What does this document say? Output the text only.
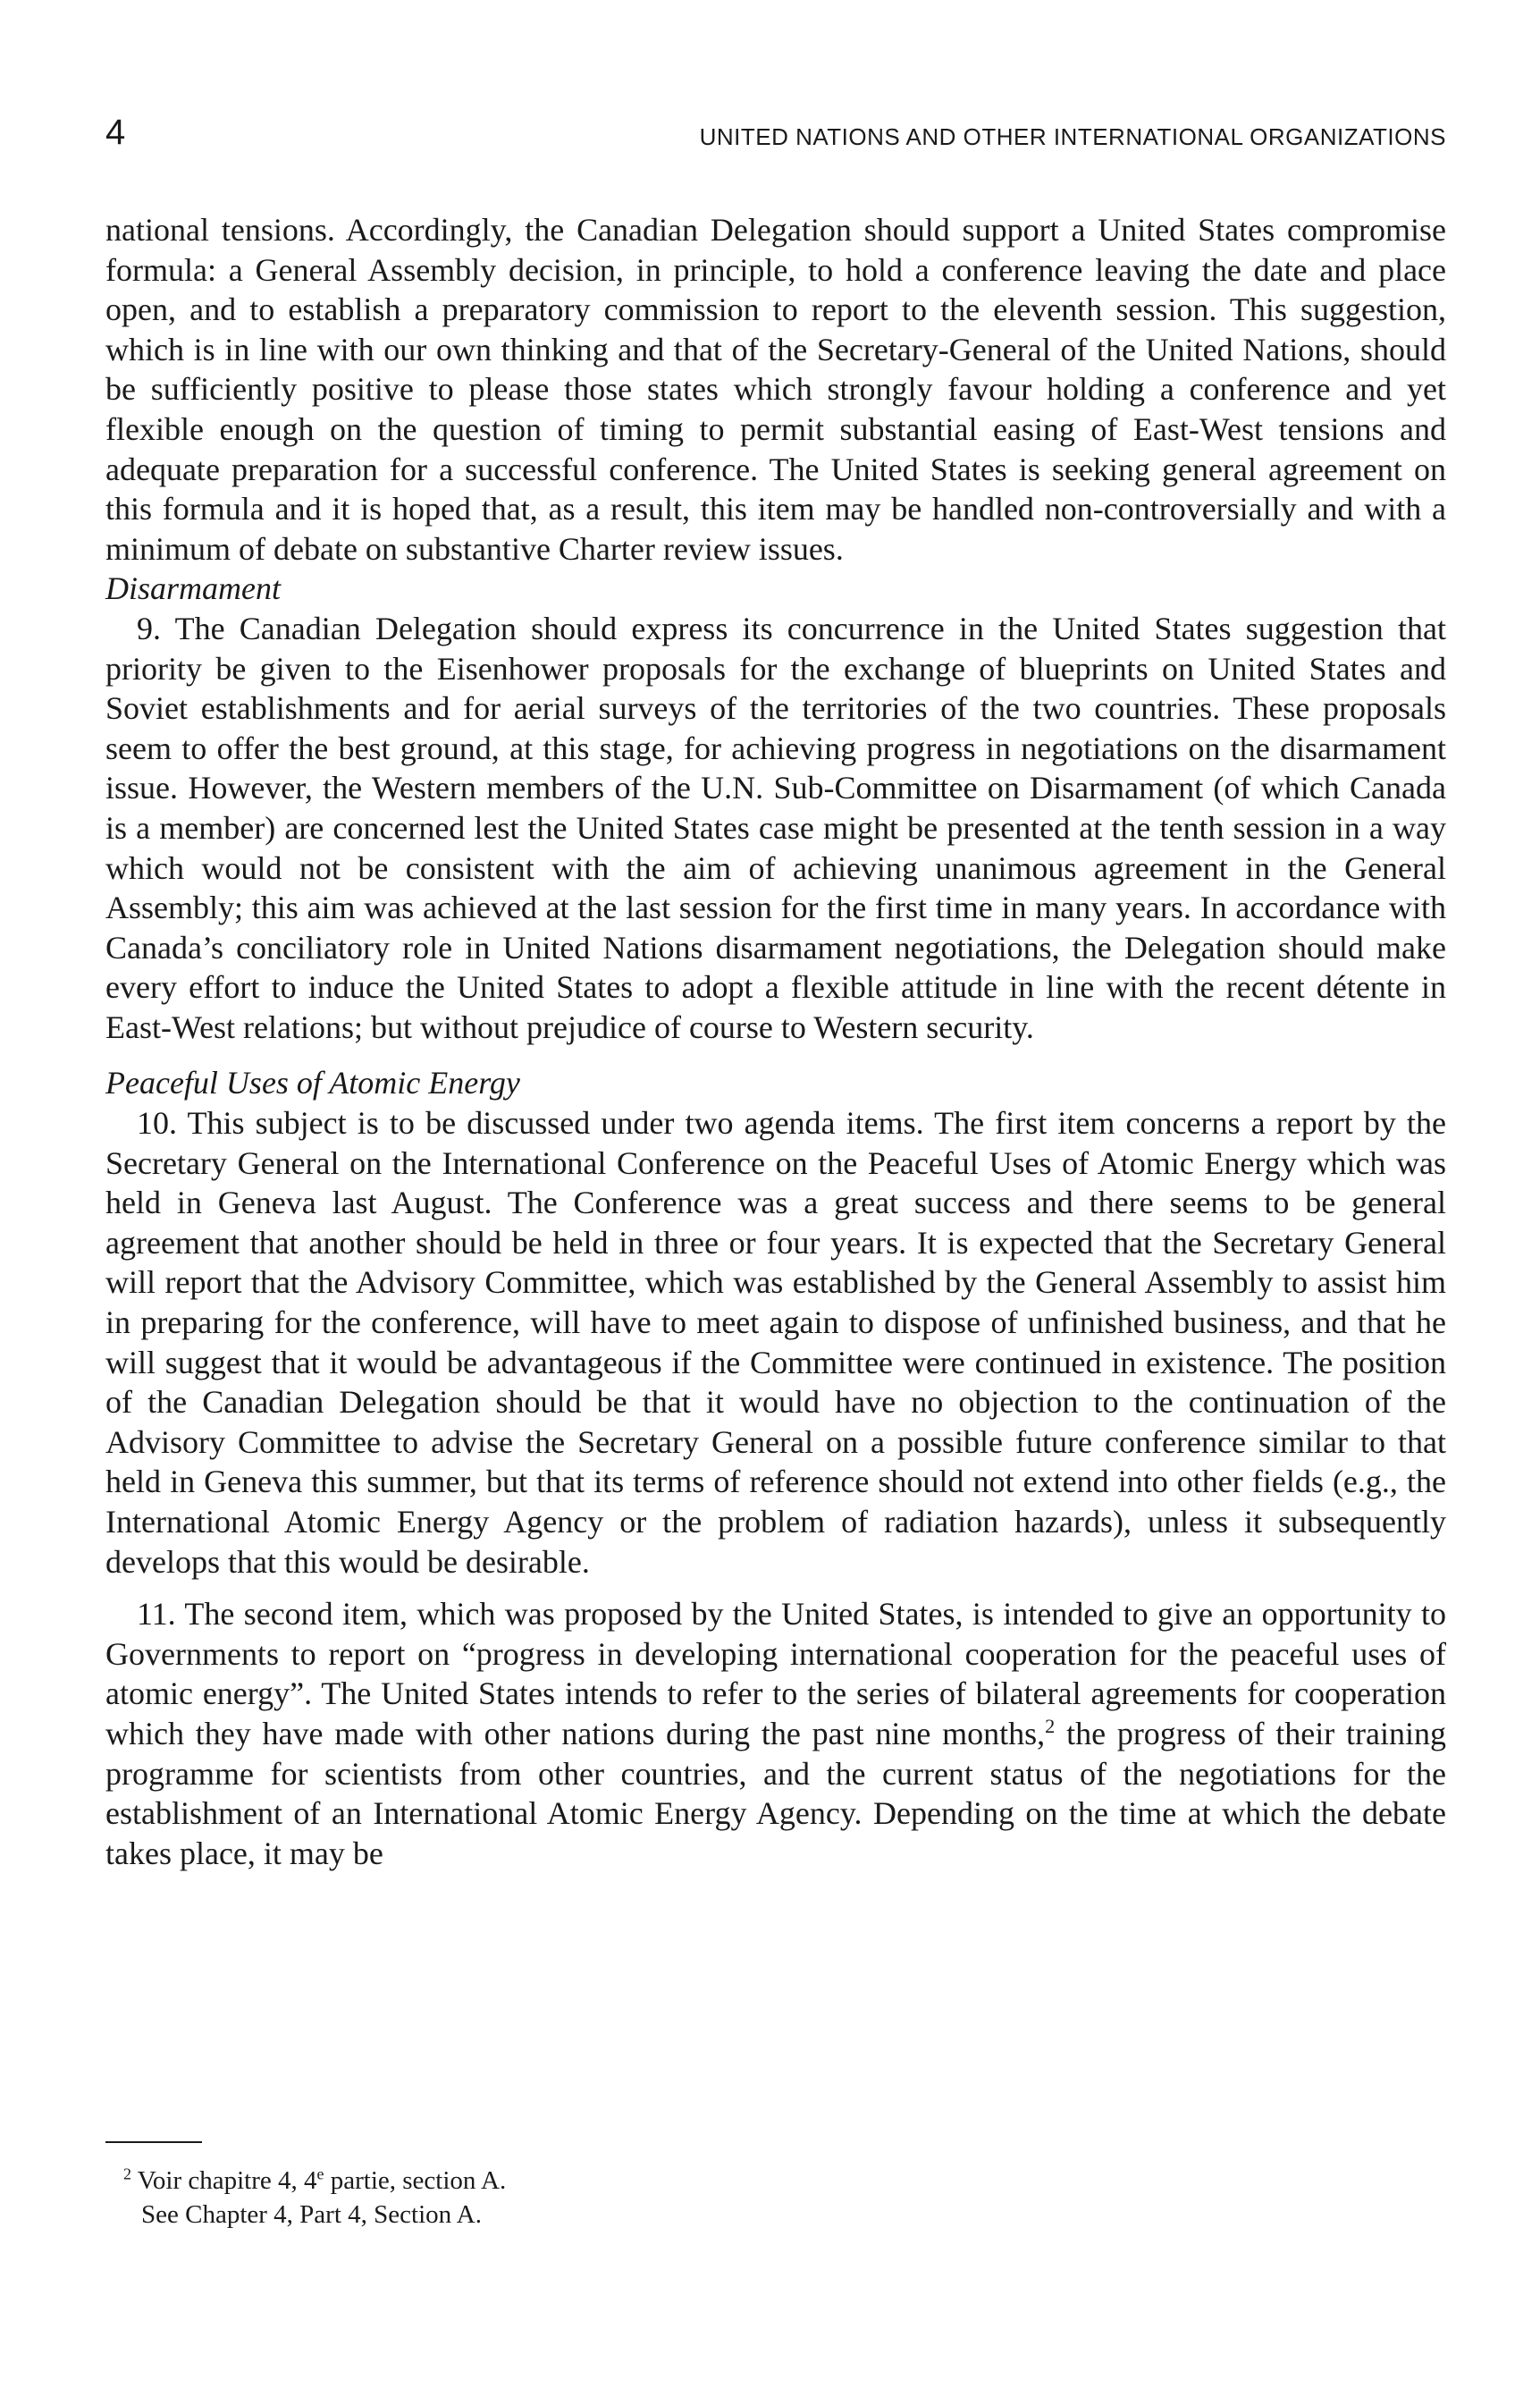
4	UNITED NATIONS AND OTHER INTERNATIONAL ORGANIZATIONS

national tensions. Accordingly, the Canadian Delegation should support a United States compromise formula: a General Assembly decision, in principle, to hold a conference leaving the date and place open, and to establish a preparatory commission to report to the eleventh session. This suggestion, which is in line with our own thinking and that of the Secretary-General of the United Nations, should be sufficiently positive to please those states which strongly favour holding a conference and yet flexible enough on the question of timing to permit substantial easing of East-West tensions and adequate preparation for a successful conference. The United States is seeking general agreement on this formula and it is hoped that, as a result, this item may be handled non-controversially and with a minimum of debate on substantive Charter review issues.

Disarmament

9. The Canadian Delegation should express its concurrence in the United States suggestion that priority be given to the Eisenhower proposals for the exchange of blueprints on United States and Soviet establishments and for aerial surveys of the territories of the two countries. These proposals seem to offer the best ground, at this stage, for achieving progress in negotiations on the disarmament issue. However, the Western members of the U.N. Sub-Committee on Disarmament (of which Canada is a member) are concerned lest the United States case might be presented at the tenth session in a way which would not be consistent with the aim of achieving unanimous agreement in the General Assembly; this aim was achieved at the last session for the first time in many years. In accordance with Canada’s conciliatory role in United Nations disarmament negotiations, the Delegation should make every effort to induce the United States to adopt a flexible attitude in line with the recent détente in East-West relations; but without prejudice of course to Western security.

Peaceful Uses of Atomic Energy

10. This subject is to be discussed under two agenda items. The first item concerns a report by the Secretary General on the International Conference on the Peaceful Uses of Atomic Energy which was held in Geneva last August. The Conference was a great success and there seems to be general agreement that another should be held in three or four years. It is expected that the Secretary General will report that the Advisory Committee, which was established by the General Assembly to assist him in preparing for the conference, will have to meet again to dispose of unfinished business, and that he will suggest that it would be advantageous if the Committee were continued in existence. The position of the Canadian Delegation should be that it would have no objection to the continuation of the Advisory Committee to advise the Secretary General on a possible future conference similar to that held in Geneva this summer, but that its terms of reference should not extend into other fields (e.g., the International Atomic Energy Agency or the problem of radiation hazards), unless it subsequently develops that this would be desirable.

11. The second item, which was proposed by the United States, is intended to give an opportunity to Governments to report on “progress in developing international cooperation for the peaceful uses of atomic energy”. The United States intends to refer to the series of bilateral agreements for cooperation which they have made with other nations during the past nine months,$^2$ the progress of their training programme for scientists from other countries, and the current status of the negotiations for the establishment of an International Atomic Energy Agency. Depending on the time at which the debate takes place, it may be

$^2$ Voir chapitre 4, 4e partie, section A.
See Chapter 4, Part 4, Section A.
